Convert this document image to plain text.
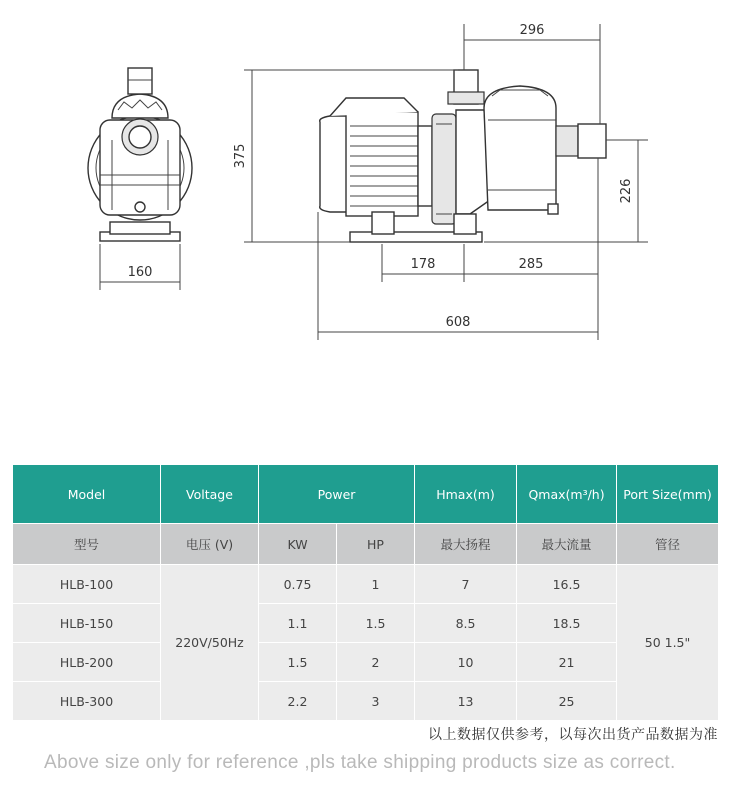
160
375
296
226
178	285
608
Model	Voltage	Power		Hmax(m)	Qmax(m³/h)	Port Size(mm)
型号	电压 (V)	KW	HP	最大扬程	最大流量	管径
HLB-100	220V/50Hz	0.75	1	7	16.5	50 1.5"
HLB-150		1.1	1.5	8.5	18.5	
HLB-200		1.5	2	10	21	
HLB-300		2.2	3	13	25	
以上数据仅供参考，以每次出货产品数据为准
Above size only for reference ,pls take shipping products size as correct.
